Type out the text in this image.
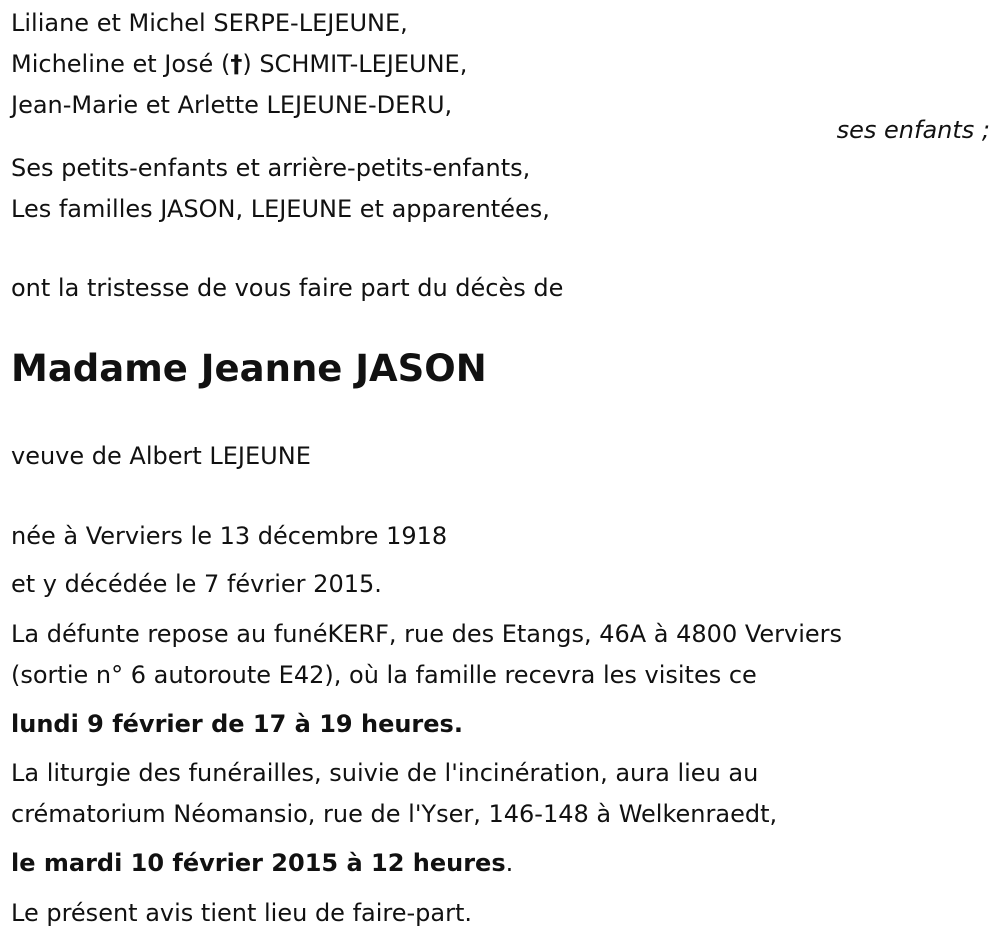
Liliane et Michel SERPE-LEJEUNE,
Micheline et José (†) SCHMIT-LEJEUNE,
Jean-Marie et Arlette LEJEUNE-DERU,
ses enfants ;
Ses petits-enfants et arrière-petits-enfants,
Les familles JASON, LEJEUNE et apparentées,
ont la tristesse de vous faire part du décès de
Madame Jeanne JASON
veuve de Albert LEJEUNE
née à Verviers le 13 décembre 1918
et y décédée le 7 février 2015.
La défunte repose au funéKERF, rue des Etangs, 46A à 4800 Verviers
(sortie n° 6 autoroute E42), où la famille recevra les visites ce
lundi 9 février de 17 à 19 heures.
La liturgie des funérailles, suivie de l'incinération, aura lieu au
crématorium Néomansio, rue de l'Yser, 146-148 à Welkenraedt,
le mardi 10 février 2015 à 12 heures.
Le présent avis tient lieu de faire-part.
